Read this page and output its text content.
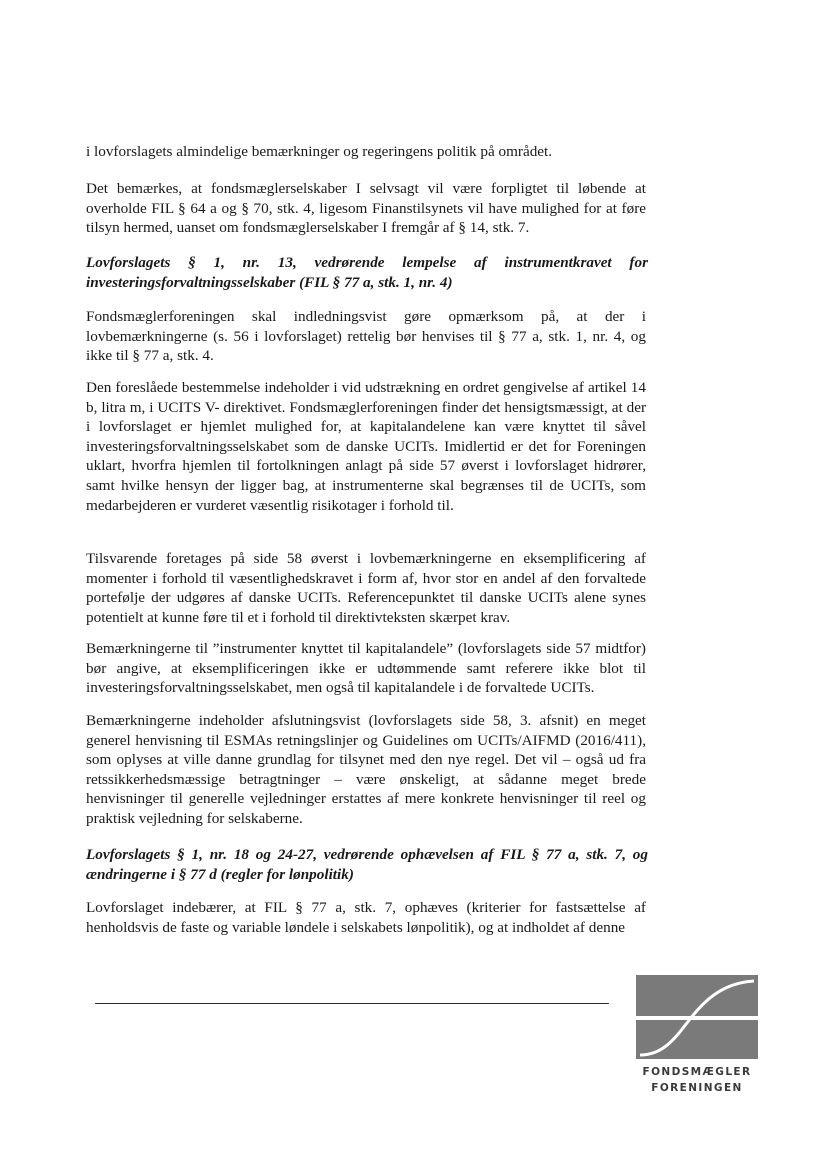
i lovforslagets almindelige bemærkninger og regeringens politik på området.

Det bemærkes, at fondsmæglerselskaber I selvsagt vil være forpligtet til løbende at overholde FIL § 64 a og § 70, stk. 4, ligesom Finanstilsynets vil have mulighed for at føre tilsyn hermed, uanset om fondsmæglerselskaber I fremgår af § 14, stk. 7.

Lovforslagets § 1, nr. 13, vedrørende lempelse af instrumentkravet for investeringsforvaltningsselskaber (FIL § 77 a, stk. 1, nr. 4)

Fondsmæglerforeningen skal indledningsvist gøre opmærksom på, at der i lovbemærkningerne (s. 56 i lovforslaget) rettelig bør henvises til § 77 a, stk. 1, nr. 4, og ikke til § 77 a, stk. 4.

Den foreslåede bestemmelse indeholder i vid udstrækning en ordret gengivelse af artikel 14 b, litra m, i UCITS V- direktivet. Fondsmæglerforeningen finder det hensigtsmæssigt, at der i lovforslaget er hjemlet mulighed for, at kapitalandelene kan være knyttet til såvel investeringsforvaltningsselskabet som de danske UCITs. Imidlertid er det for Foreningen uklart, hvorfra hjemlen til fortolkningen anlagt på side 57 øverst i lovforslaget hidrører, samt hvilke hensyn der ligger bag, at instrumenterne skal begrænses til de UCITs, som medarbejderen er vurderet væsentlig risikotager i forhold til.

Tilsvarende foretages på side 58 øverst i lovbemærkningerne en eksemplificering af momenter i forhold til væsentlighedskravet i form af, hvor stor en andel af den forvaltede portefølje der udgøres af danske UCITs. Referencepunktet til danske UCITs alene synes potentielt at kunne føre til et i forhold til direktivteksten skærpet krav.

Bemærkningerne til ”instrumenter knyttet til kapitalandele” (lovforslagets side 57 midtfor) bør angive, at eksemplificeringen ikke er udtømmende samt referere ikke blot til investeringsforvaltningsselskabet, men også til kapitalandele i de forvaltede UCITs.

Bemærkningerne indeholder afslutningsvist (lovforslagets side 58, 3. afsnit) en meget generel henvisning til ESMAs retningslinjer og Guidelines om UCITs/AIFMD (2016/411), som oplyses at ville danne grundlag for tilsynet med den nye regel. Det vil – også ud fra retssikkerhedsmæssige betragtninger – være ønskeligt, at sådanne meget brede henvisninger til generelle vejledninger erstattes af mere konkrete henvisninger til reel og praktisk vejledning for selskaberne.

Lovforslagets § 1, nr. 18 og 24-27, vedrørende ophævelsen af FIL § 77 a, stk. 7, og ændringerne i § 77 d (regler for lønpolitik)

Lovforslaget indebærer, at FIL § 77 a, stk. 7, ophæves (kriterier for fastsættelse af henholdsvis de faste og variable løndele i selskabets lønpolitik), og at indholdet af denne

FONDSMÆGLER
FORENINGEN
